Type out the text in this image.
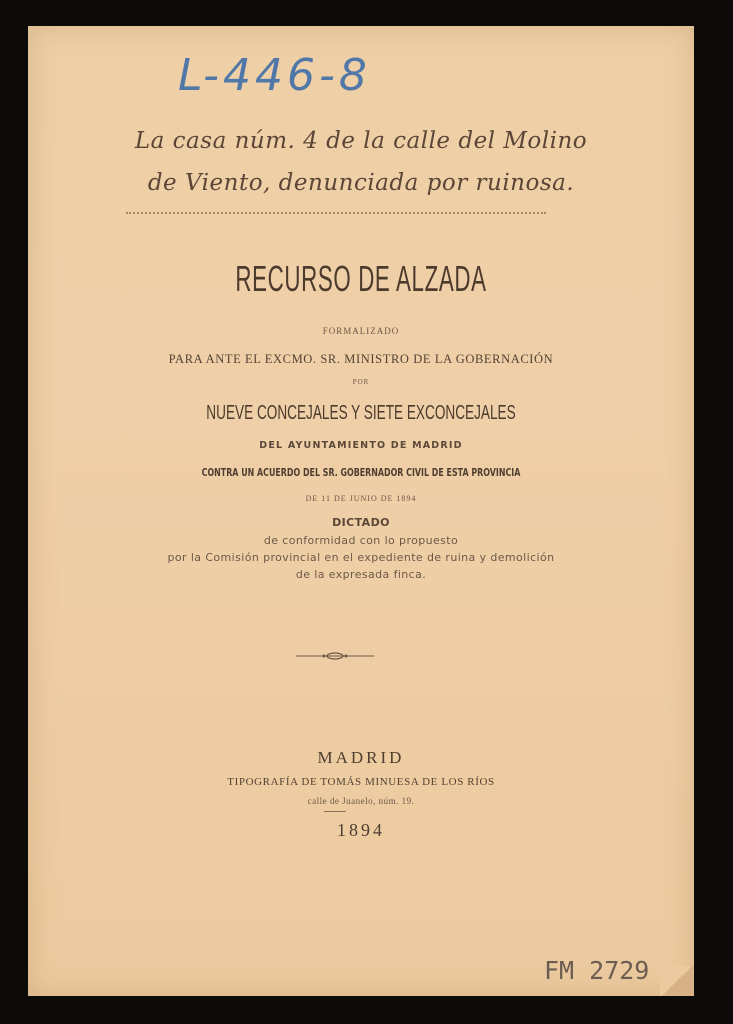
L-446-8
La casa núm. 4 de la calle del Molino
de Viento, denunciada por ruinosa.
RECURSO DE ALZADA
FORMALIZADO
PARA ANTE EL EXCMO. SR. MINISTRO DE LA GOBERNACIÓN
POR
NUEVE CONCEJALES Y SIETE EXCONCEJALES
DEL AYUNTAMIENTO DE MADRID
CONTRA UN ACUERDO DEL SR. GOBERNADOR CIVIL DE ESTA PROVINCIA
DE 11 DE JUNIO DE 1894
DICTADO
de conformidad con lo propuesto
por la Comisión provincial en el expediente de ruina y demolición
de la expresada finca.
MADRID
TIPOGRAFÍA DE TOMÁS MINUESA DE LOS RÍOS
calle de Juanelo, núm. 19.
1894
FM 2729
